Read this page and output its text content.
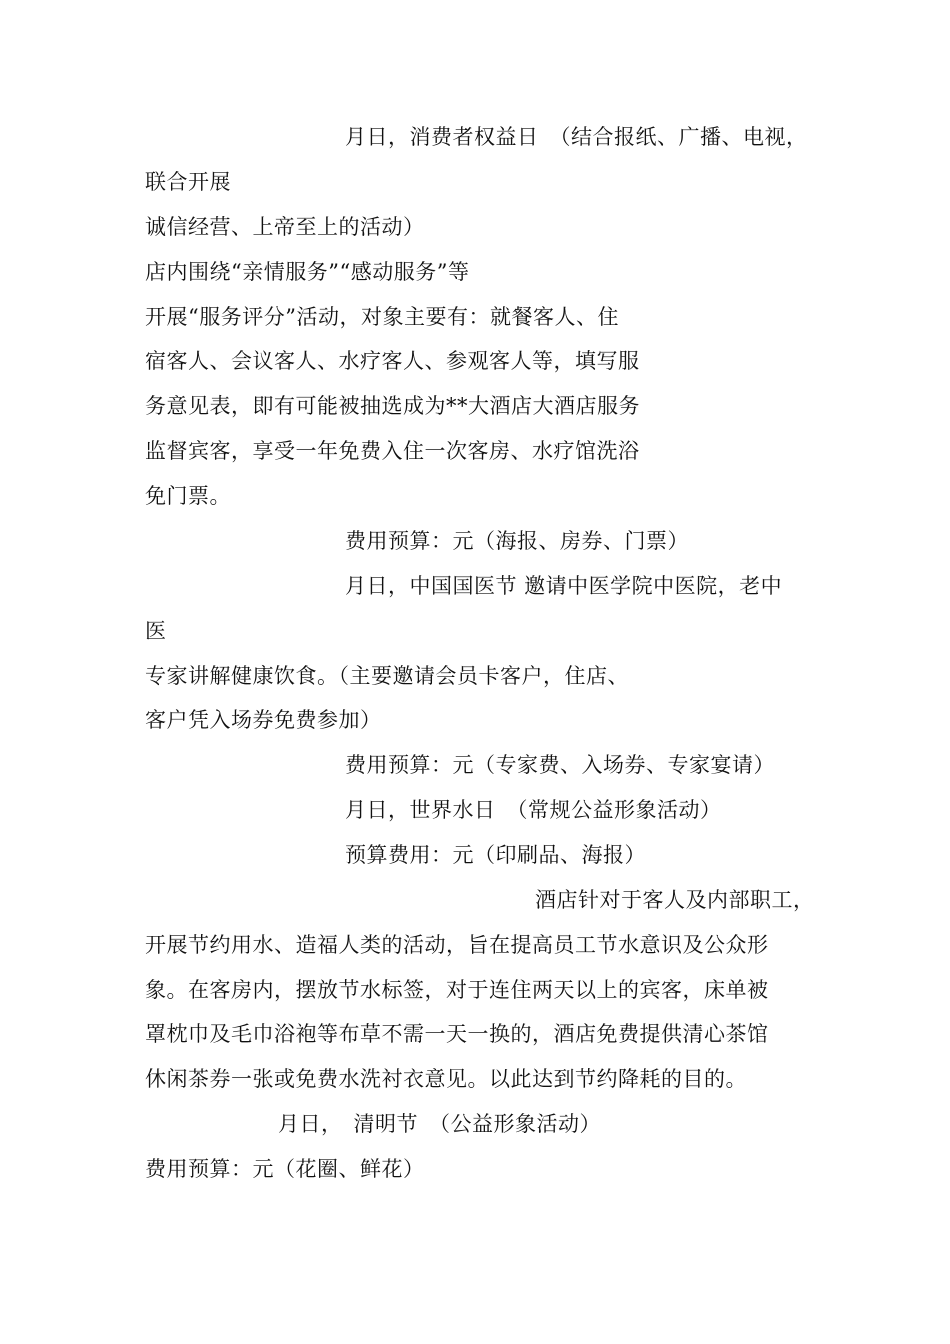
月日，消费者权益日　（结合报纸、广播、电视，
联合开展
诚信经营、上帝至上的活动）
店内围绕“亲情服务”“感动服务”等
开展“服务评分”活动，对象主要有：就餐客人、住
宿客人、会议客人、水疗客人、参观客人等，填写服
务意见表，即有可能被抽选成为**大酒店大酒店服务
监督宾客，享受一年免费入住一次客房、水疗馆洗浴
免门票。
费用预算：元（海报、房券、门票）
月日，中国国医节 邀请中医学院中医院，老中
医
专家讲解健康饮食。（主要邀请会员卡客户，住店、
客户凭入场券免费参加）
费用预算：元（专家费、入场券、专家宴请）
月日，世界水日　（常规公益形象活动）
预算费用：元（印刷品、海报）
酒店针对于客人及内部职工，
开展节约用水、造福人类的活动，旨在提高员工节水意识及公众形
象。在客房内，摆放节水标签，对于连住两天以上的宾客，床单被
罩枕巾及毛巾浴袍等布草不需一天一换的，酒店免费提供清心茶馆
休闲茶券一张或免费水洗衬衣意见。以此达到节约降耗的目的。
月日，　清明节　（公益形象活动）
费用预算：元（花圈、鲜花）
